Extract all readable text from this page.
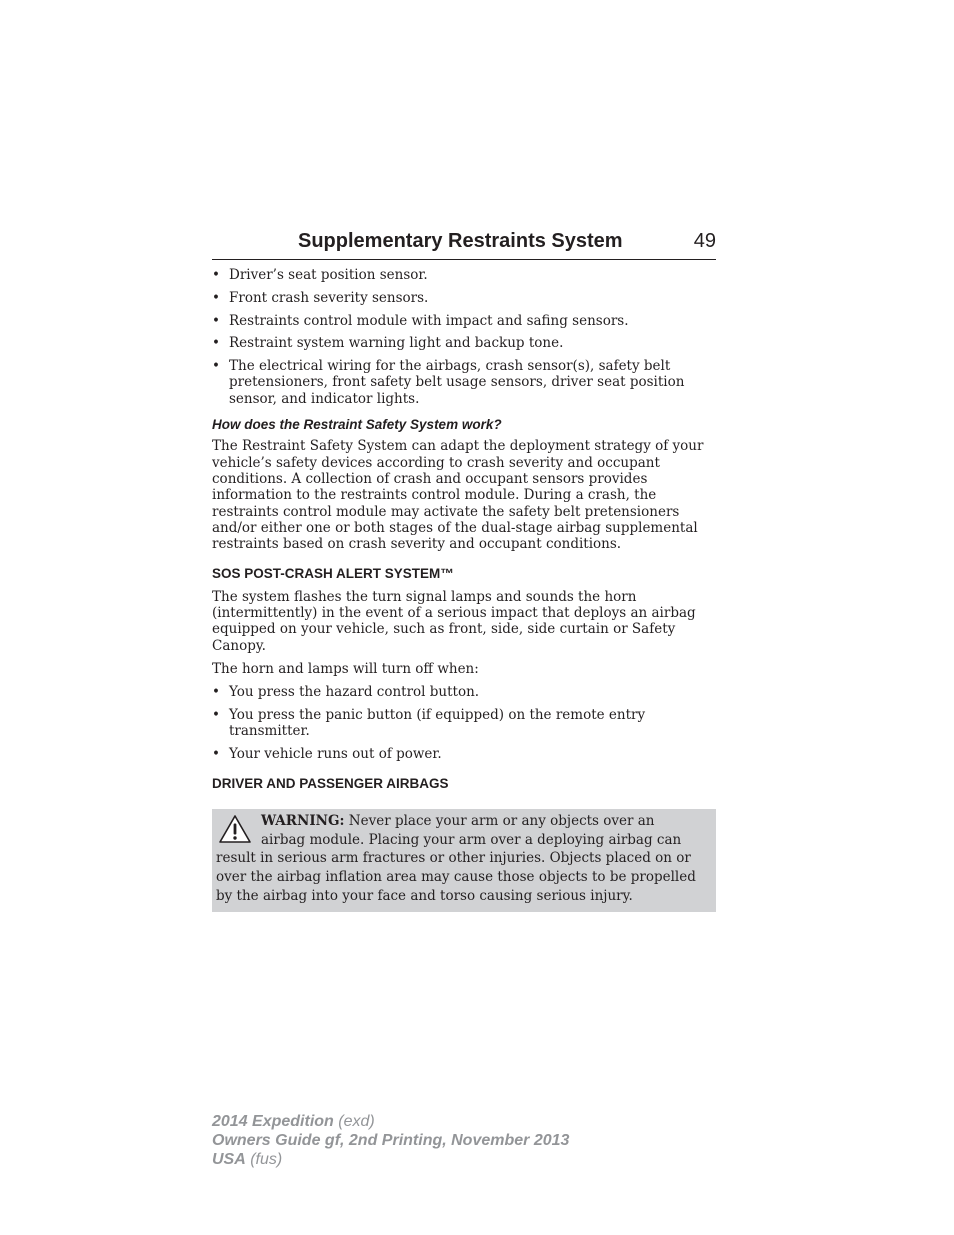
Supplementary Restraints System	49
• Driver’s seat position sensor.
• Front crash severity sensors.
• Restraints control module with impact and safing sensors.
• Restraint system warning light and backup tone.
• The electrical wiring for the airbags, crash sensor(s), safety belt pretensioners, front safety belt usage sensors, driver seat position sensor, and indicator lights.
How does the Restraint Safety System work?

The Restraint Safety System can adapt the deployment strategy of your vehicle’s safety devices according to crash severity and occupant conditions. A collection of crash and occupant sensors provides information to the restraints control module. During a crash, the restraints control module may activate the safety belt pretensioners and/or either one or both stages of the dual-stage airbag supplemental restraints based on crash severity and occupant conditions.

SOS POST-CRASH ALERT SYSTEM™

The system flashes the turn signal lamps and sounds the horn (intermittently) in the event of a serious impact that deploys an airbag equipped on your vehicle, such as front, side, side curtain or Safety Canopy.

The horn and lamps will turn off when:

• You press the hazard control button.
• You press the panic button (if equipped) on the remote entry transmitter.
• Your vehicle runs out of power.
DRIVER AND PASSENGER AIRBAGS
WARNING: Never place your arm or any objects over an airbag module. Placing your arm over a deploying airbag can result in serious arm fractures or other injuries. Objects placed on or over the airbag inflation area may cause those objects to be propelled by the airbag into your face and torso causing serious injury.
2014 Expedition (exd)
Owners Guide gf, 2nd Printing, November 2013
USA (fus)
